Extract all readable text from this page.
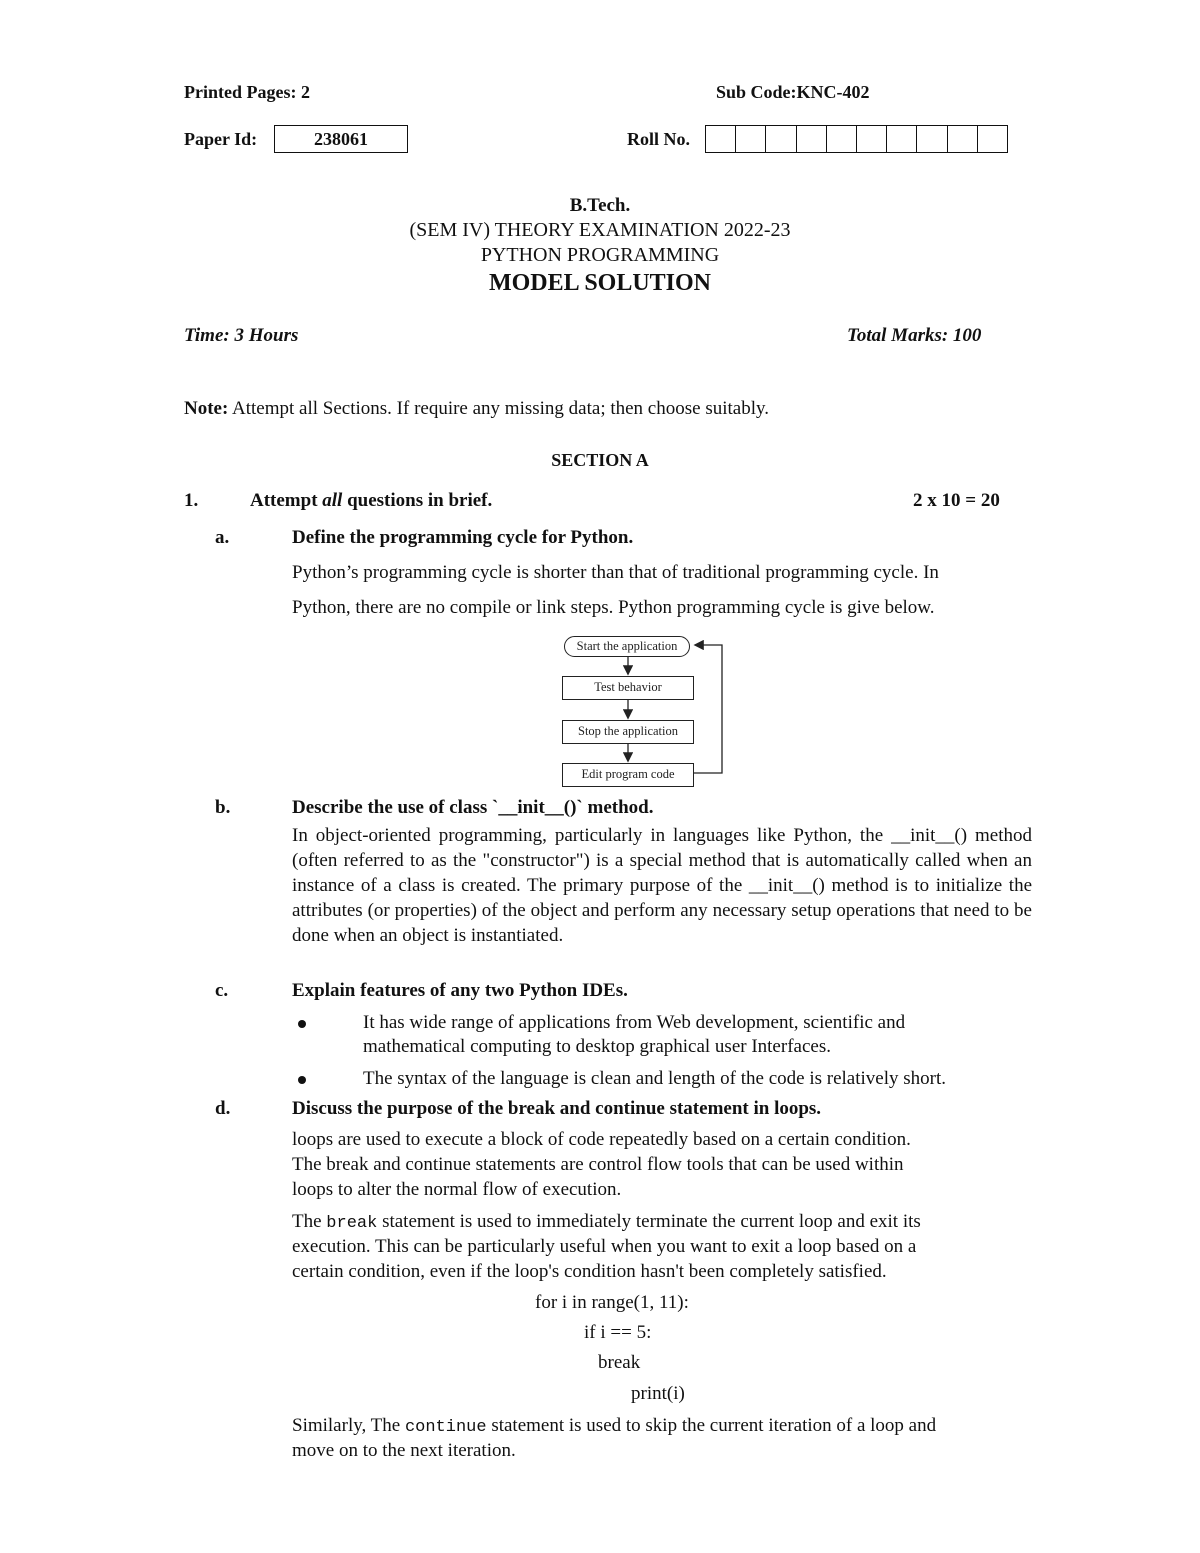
Printed Pages: 2	Sub Code:KNC-402
Paper Id:	238061	Roll No.
B.Tech.
(SEM IV) THEORY EXAMINATION 2022-23
PYTHON PROGRAMMING
MODEL SOLUTION
Time: 3 Hours	Total Marks: 100
Note: Attempt all Sections. If require any missing data; then choose suitably.
SECTION A
1.	Attempt all questions in brief.	2 x 10 = 20
a.	Define the programming cycle for Python.
Python’s programming cycle is shorter than that of traditional programming cycle. In
Python, there are no compile or link steps. Python programming cycle is give below.
Start the application
Test behavior
Stop the application
Edit program code
b.	Describe the use of class `__init__()` method.
In object-oriented programming, particularly in languages like Python, the __init__() method (often referred to as the "constructor") is a special method that is automatically called when an instance of a class is created. The primary purpose of the __init__() method is to initialize the attributes (or properties) of the object and perform any necessary setup operations that need to be done when an object is instantiated.
c.	Explain features of any two Python IDEs.
It has wide range of applications from Web development, scientific and
mathematical computing to desktop graphical user Interfaces.
The syntax of the language is clean and length of the code is relatively short.
d.	Discuss the purpose of the break and continue statement in loops.
loops are used to execute a block of code repeatedly based on a certain condition.
The break and continue statements are control flow tools that can be used within
loops to alter the normal flow of execution.
The break statement is used to immediately terminate the current loop and exit its
execution. This can be particularly useful when you want to exit a loop based on a
certain condition, even if the loop's condition hasn't been completely satisfied.
for i in range(1, 11):
if i == 5:
break
print(i)
Similarly, The continue statement is used to skip the current iteration of a loop and
move on to the next iteration.
